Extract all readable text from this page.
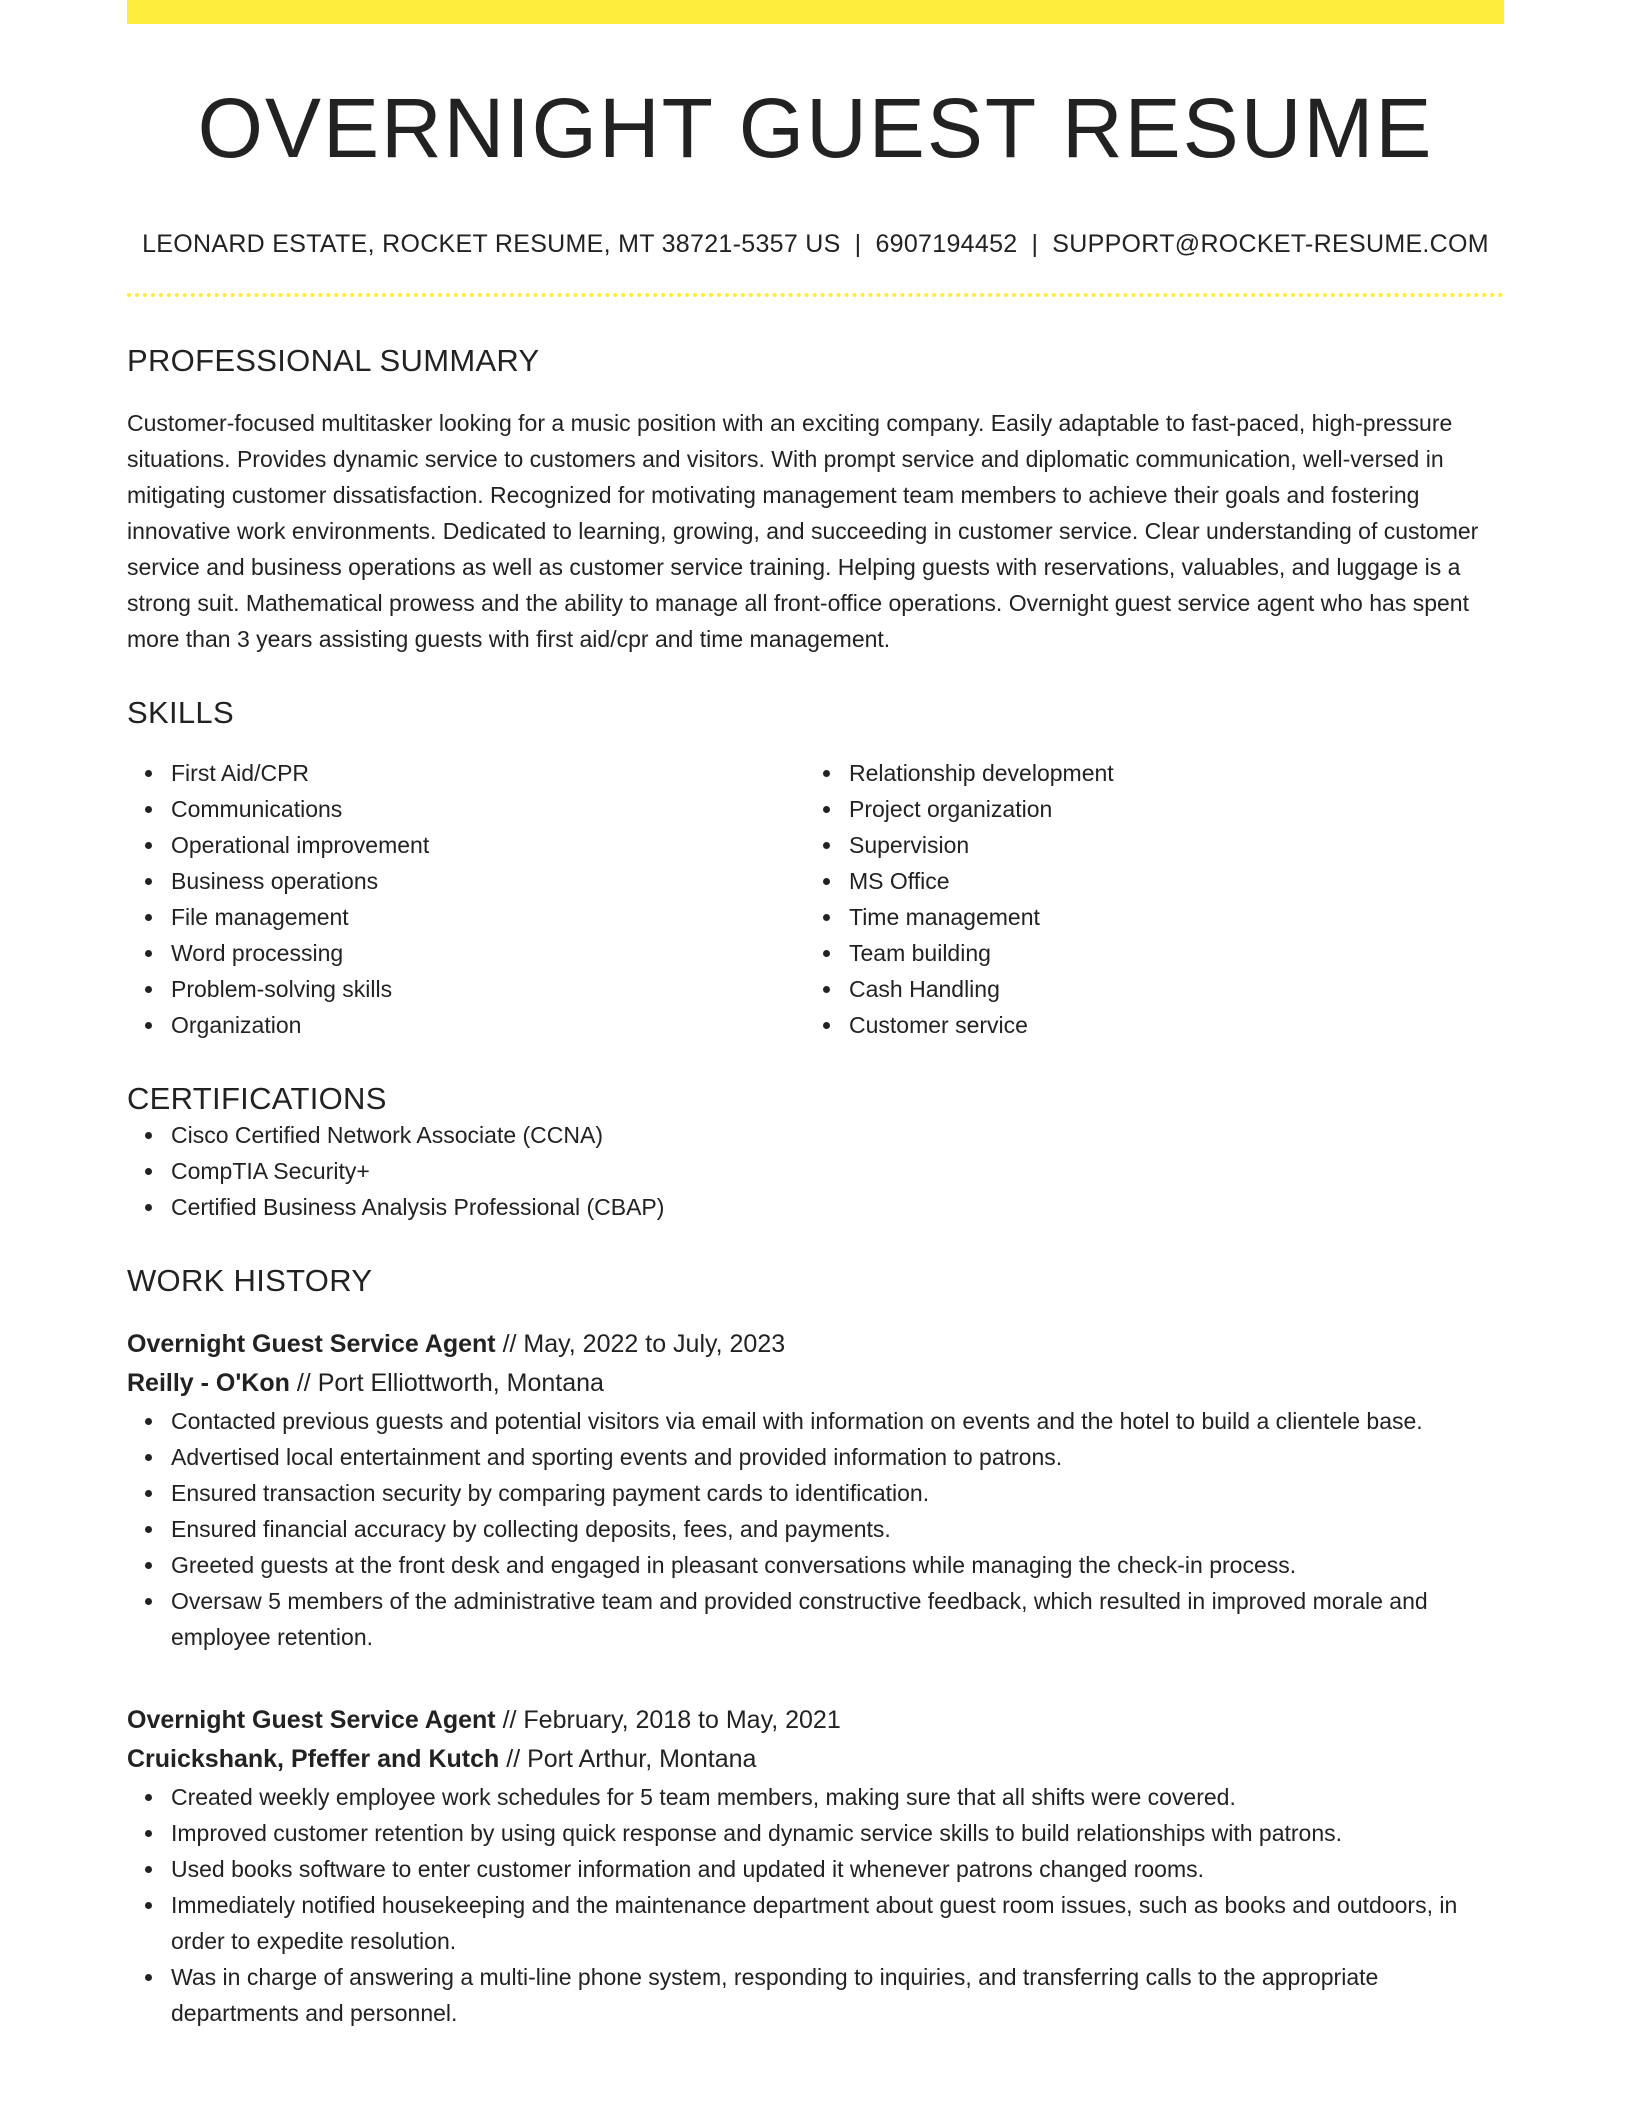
OVERNIGHT GUEST RESUME
LEONARD ESTATE, ROCKET RESUME, MT 38721-5357 US | 6907194452 | SUPPORT@ROCKET-RESUME.COM
PROFESSIONAL SUMMARY
Customer-focused multitasker looking for a music position with an exciting company. Easily adaptable to fast-paced, high-pressure situations. Provides dynamic service to customers and visitors. With prompt service and diplomatic communication, well-versed in mitigating customer dissatisfaction. Recognized for motivating management team members to achieve their goals and fostering innovative work environments. Dedicated to learning, growing, and succeeding in customer service. Clear understanding of customer service and business operations as well as customer service training. Helping guests with reservations, valuables, and luggage is a strong suit. Mathematical prowess and the ability to manage all front-office operations. Overnight guest service agent who has spent more than 3 years assisting guests with first aid/cpr and time management.
SKILLS
First Aid/CPR
Communications
Operational improvement
Business operations
File management
Word processing
Problem-solving skills
Organization
Relationship development
Project organization
Supervision
MS Office
Time management
Team building
Cash Handling
Customer service
CERTIFICATIONS
Cisco Certified Network Associate (CCNA)
CompTIA Security+
Certified Business Analysis Professional (CBAP)
WORK HISTORY
Overnight Guest Service Agent // May, 2022 to July, 2023
Reilly - O'Kon // Port Elliottworth, Montana
Contacted previous guests and potential visitors via email with information on events and the hotel to build a clientele base.
Advertised local entertainment and sporting events and provided information to patrons.
Ensured transaction security by comparing payment cards to identification.
Ensured financial accuracy by collecting deposits, fees, and payments.
Greeted guests at the front desk and engaged in pleasant conversations while managing the check-in process.
Oversaw 5 members of the administrative team and provided constructive feedback, which resulted in improved morale and employee retention.
Overnight Guest Service Agent // February, 2018 to May, 2021
Cruickshank, Pfeffer and Kutch // Port Arthur, Montana
Created weekly employee work schedules for 5 team members, making sure that all shifts were covered.
Improved customer retention by using quick response and dynamic service skills to build relationships with patrons.
Used books software to enter customer information and updated it whenever patrons changed rooms.
Immediately notified housekeeping and the maintenance department about guest room issues, such as books and outdoors, in order to expedite resolution.
Was in charge of answering a multi-line phone system, responding to inquiries, and transferring calls to the appropriate departments and personnel.
